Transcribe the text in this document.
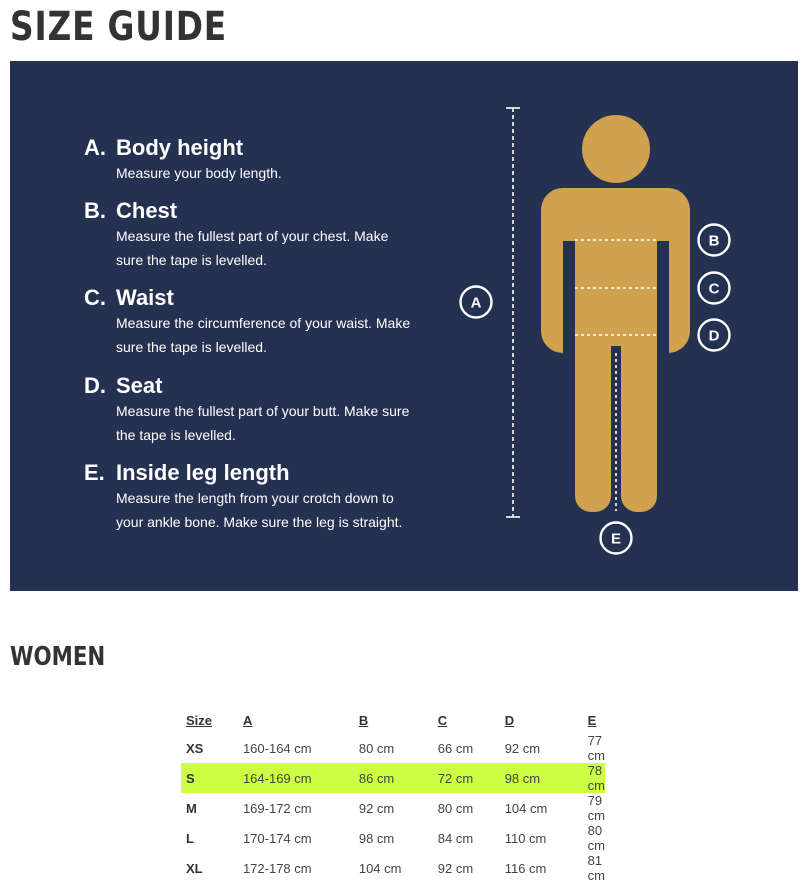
SIZE GUIDE
A. Body height
Measure your body length.
B. Chest
Measure the fullest part of your chest. Make sure the tape is levelled.
C. Waist
Measure the circumference of your waist. Make sure the tape is levelled.
D. Seat
Measure the fullest part of your butt. Make sure the tape is levelled.
E. Inside leg length
Measure the length from your crotch down to your ankle bone. Make sure the leg is straight.
A
B
C
D
E
WOMEN
Size	A	B	C	D	E
XS	160-164 cm	80 cm	66 cm	92 cm	77 cm
S	164-169 cm	86 cm	72 cm	98 cm	78 cm
M	169-172 cm	92 cm	80 cm	104 cm	79 cm
L	170-174 cm	98 cm	84 cm	110 cm	80 cm
XL	172-178 cm	104 cm	92 cm	116 cm	81 cm
